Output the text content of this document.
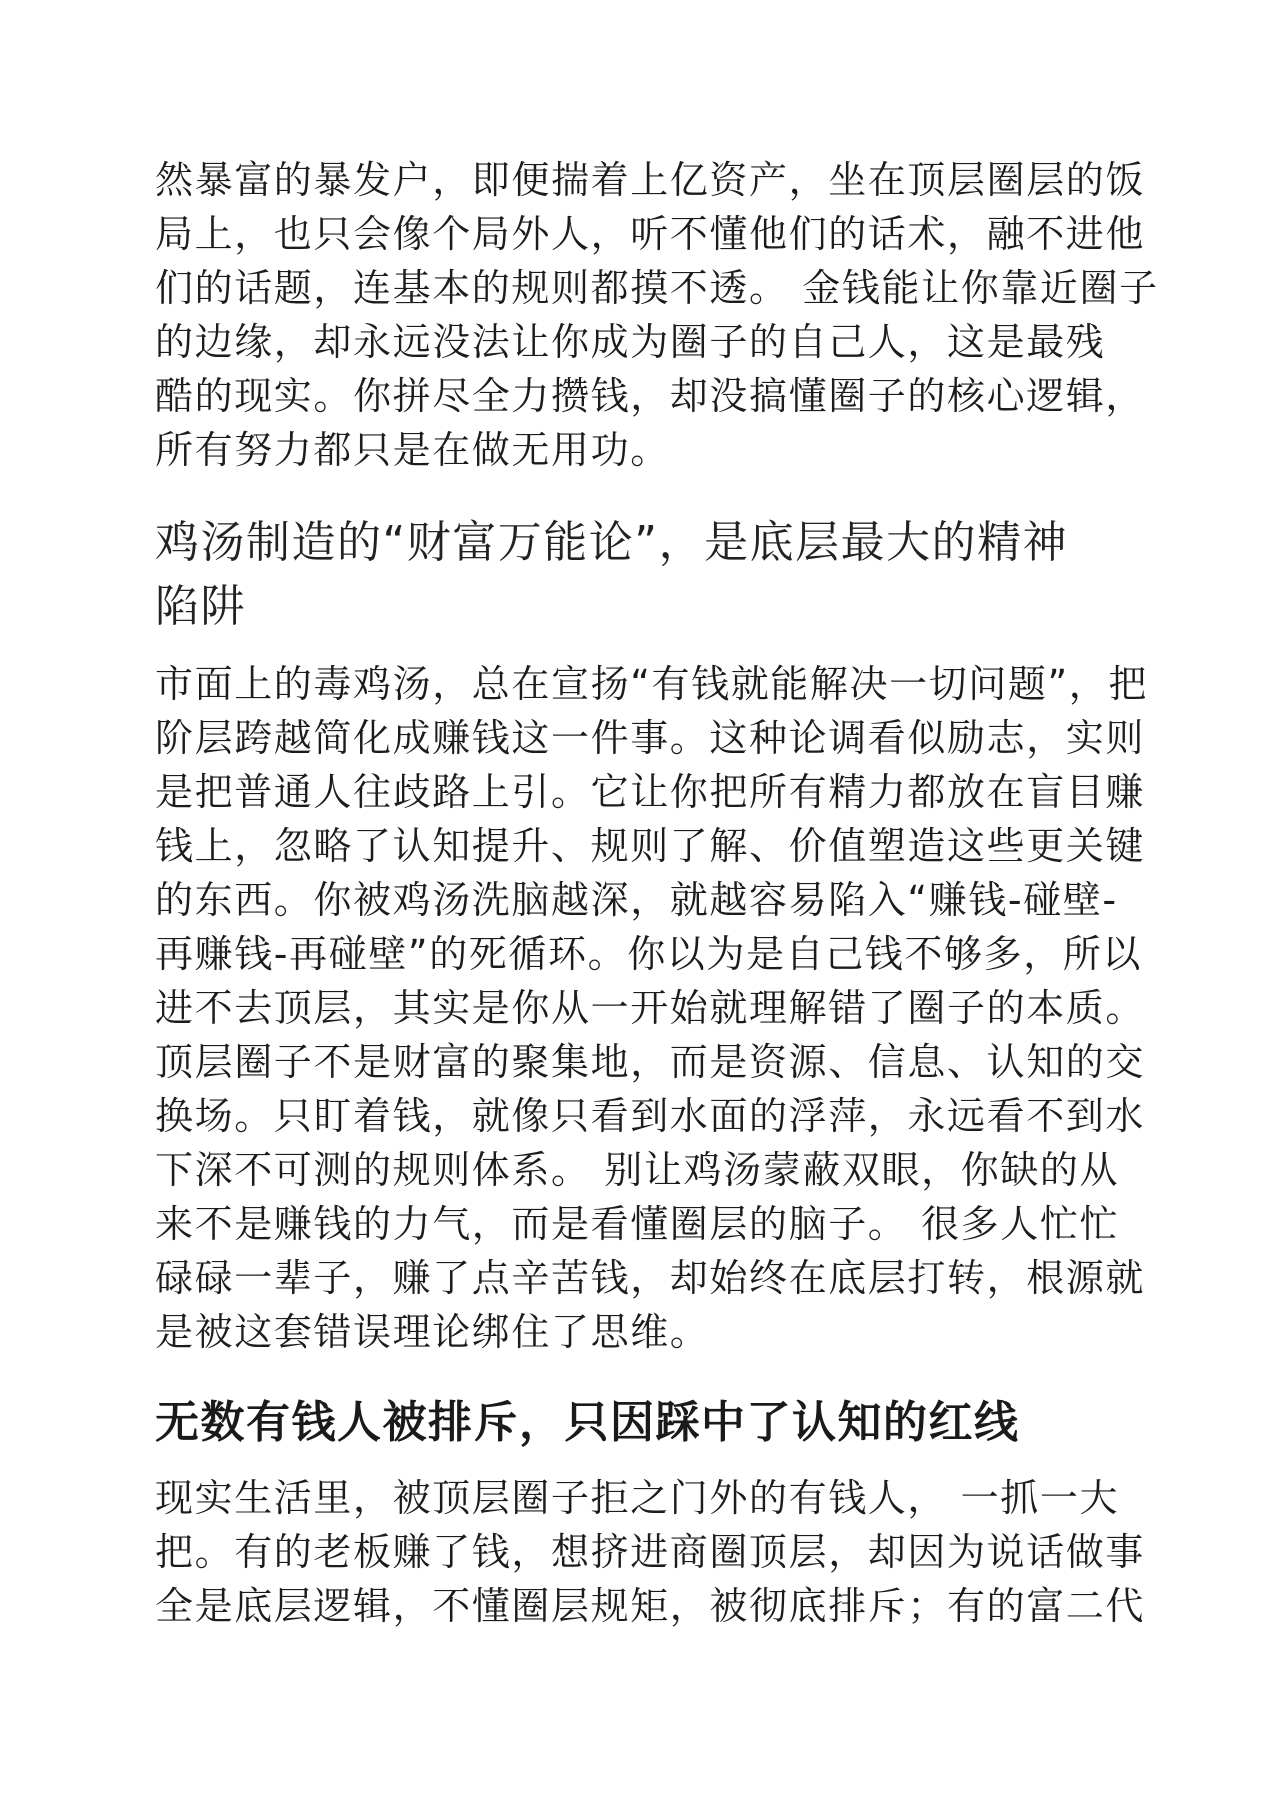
然暴富的暴发户，即便揣着上亿资产，坐在顶层圈层的饭
局上，也只会像个局外人，听不懂他们的话术，融不进他
们的话题，连基本的规则都摸不透。 金钱能让你靠近圈子
的边缘，却永远没法让你成为圈子的自己人，这是最残
酷的现实。你拼尽全力攒钱，却没搞懂圈子的核心逻辑，
所有努力都只是在做无用功。
鸡汤制造的“财富万能论”，是底层最大的精神
陷阱
市面上的毒鸡汤，总在宣扬“有钱就能解决一切问题”，把
阶层跨越简化成赚钱这一件事。这种论调看似励志，实则
是把普通人往歧路上引。它让你把所有精力都放在盲目赚
钱上，忽略了认知提升、规则了解、价值塑造这些更关键
的东西。你被鸡汤洗脑越深，就越容易陷入“赚钱-碰壁-
再赚钱-再碰壁”的死循环。你以为是自己钱不够多，所以
进不去顶层，其实是你从一开始就理解错了圈子的本质。
顶层圈子不是财富的聚集地，而是资源、信息、认知的交
换场。只盯着钱，就像只看到水面的浮萍，永远看不到水
下深不可测的规则体系。 别让鸡汤蒙蔽双眼，你缺的从
来不是赚钱的力气，而是看懂圈层的脑子。 很多人忙忙
碌碌一辈子，赚了点辛苦钱，却始终在底层打转，根源就
是被这套错误理论绑住了思维。
无数有钱人被排斥，只因踩中了认知的红线
现实生活里，被顶层圈子拒之门外的有钱人， 一抓一大
把。有的老板赚了钱，想挤进商圈顶层，却因为说话做事
全是底层逻辑，不懂圈层规矩，被彻底排斥；有的富二代
